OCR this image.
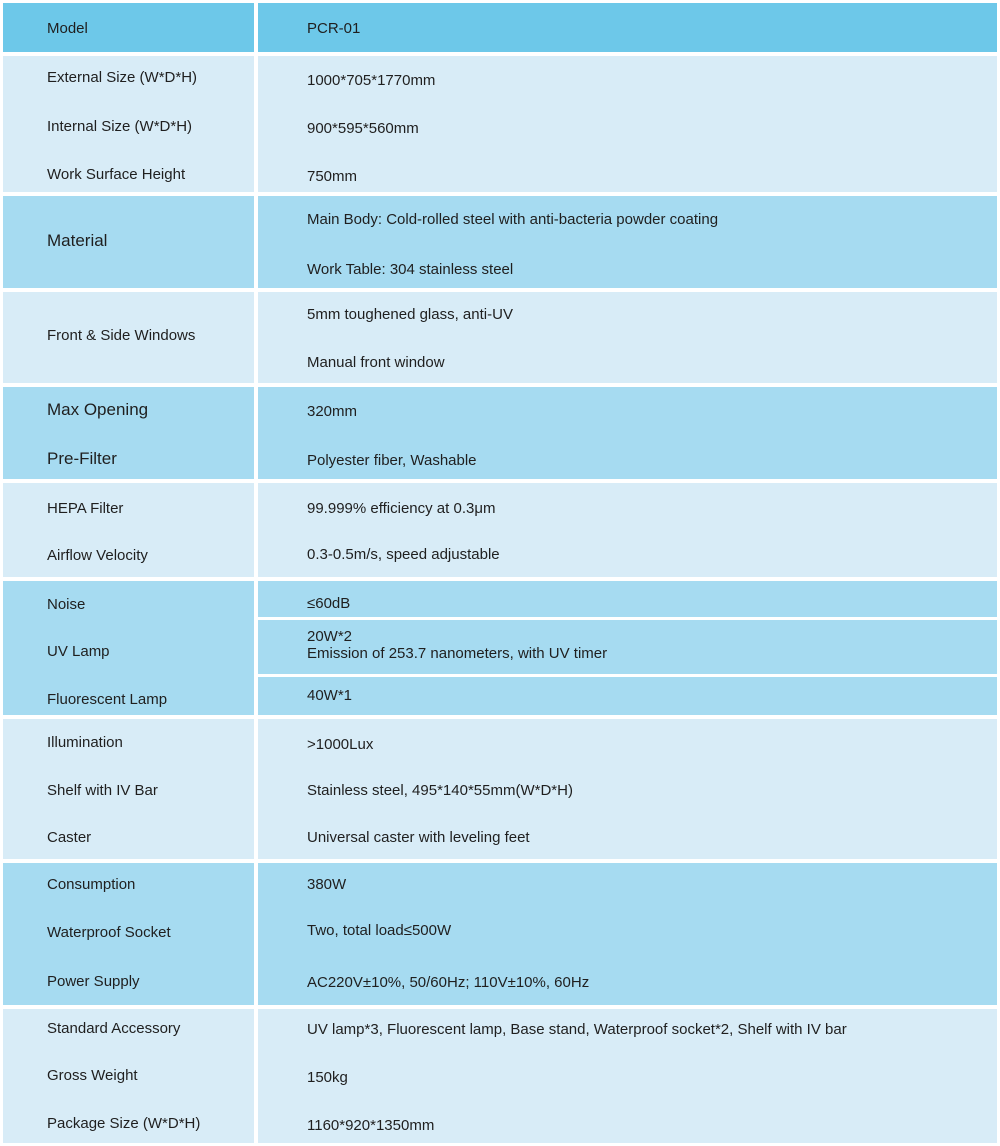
Model	PCR-01
External Size (W*D*H)
Internal Size (W*D*H)
Work Surface Height
1000*705*1770mm
900*595*560mm
750mm
Material
Main Body: Cold-rolled steel with anti-bacteria powder coating
Work Table: 304 stainless steel
Front & Side Windows
5mm toughened glass, anti-UV
Manual front window
Max Opening
Pre-Filter
320mm
Polyester fiber, Washable
HEPA Filter
Airflow Velocity
99.999% efficiency at 0.3μm
0.3-0.5m/s, speed adjustable
Noise
UV Lamp
Fluorescent Lamp
≤60dB
20W*2
Emission of 253.7 nanometers, with UV timer
40W*1
Illumination
Shelf with IV Bar
Caster
>1000Lux
Stainless steel, 495*140*55mm(W*D*H)
Universal caster with leveling feet
Consumption
Waterproof Socket
Power Supply
380W
Two, total load≤500W
AC220V±10%, 50/60Hz; 110V±10%, 60Hz
Standard Accessory
Gross Weight
Package Size (W*D*H)
UV lamp*3, Fluorescent lamp, Base stand, Waterproof socket*2, Shelf with IV bar
150kg
1160*920*1350mm
